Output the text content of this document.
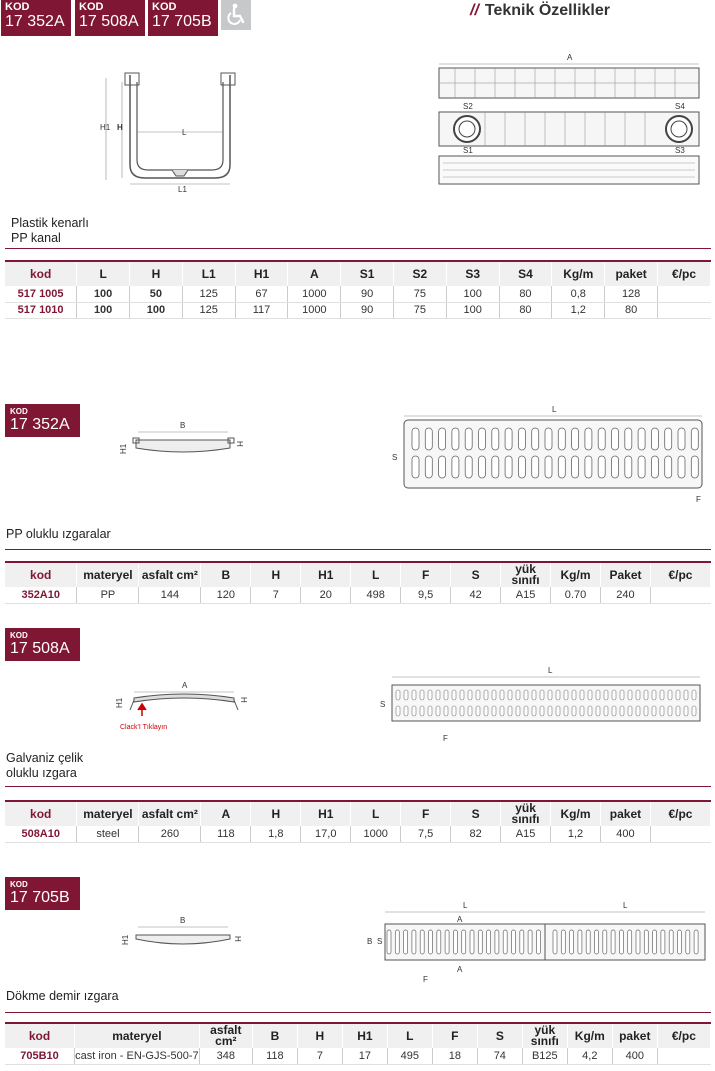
KOD
17 352A
KOD
17 508A
KOD
17 705B
// Teknik Özellikler
H1 H
L
L1
A
S2	S4
S1	S3
Plastik kenarlı
PP kanal
kod	L	H	L1	H1	A	S1	S2	S3	S4	Kg/m	paket	€/pc
517 1005	100	50	125	67	1000	90	75	100	80	0,8	128	
517 1010	100	100	125	117	1000	90	75	100	80	1,2	80	
KOD
17 352A	B
H1	H
L
S
F
PP oluklu ızgaralar
kod	materyel	asfalt cm²	B	H	H1	L	F	S	yük
sınıfı	Kg/m	Paket	€/pc
352A10	PP	144	120	7	20	498	9,5	42	A15	0.70	240	
KOD
17 508A
A
H1	H
Clack'I Tıklayın
L
S
F
Galvaniz çelik
oluklu ızgara
kod	materyel	asfalt cm²	A	H	H1	L	F	S	yük
sınıfı	Kg/m	paket	€/pc
508A10	steel	260	118	1,8	17,0	1000	7,5	82	A15	1,2	400	
KOD
17 705B
B
H1	H
L	L
A
A
B S
F
Dökme demir ızgara
kod	materyel	asfalt cm²	B	H	H1	L	F	S	yük
sınıfı	Kg/m	paket	€/pc
705B10	cast iron - EN-GJS-500-7	348	118	7	17	495	18	74	B125	4,2	400	
